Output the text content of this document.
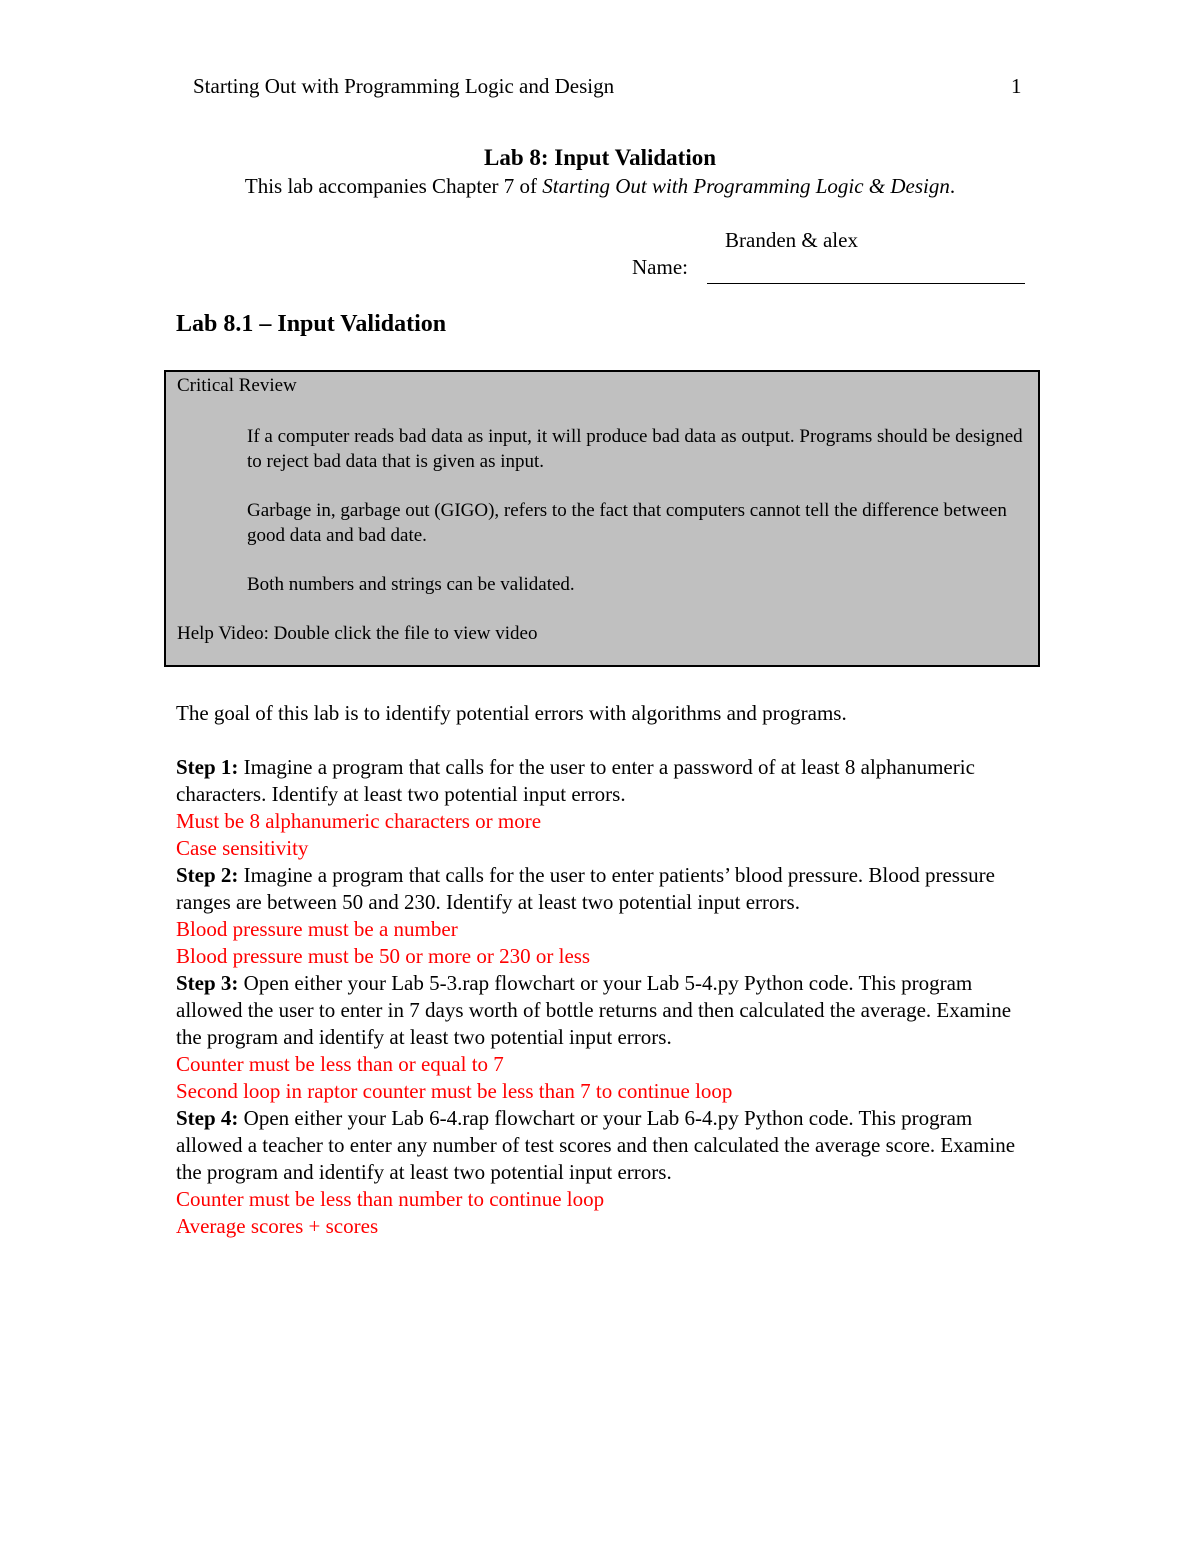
Starting Out with Programming Logic and Design	1
Lab 8: Input Validation
This lab accompanies Chapter 7 of Starting Out with Programming Logic & Design.
Branden & alex
Name:
Lab 8.1 – Input Validation
Critical Review
If a computer reads bad data as input, it will produce bad data as output. Programs should be designed to reject bad data that is given as input.
Garbage in, garbage out (GIGO), refers to the fact that computers cannot tell the difference between good data and bad date.
Both numbers and strings can be validated.
Help Video: Double click the file to view video
The goal of this lab is to identify potential errors with algorithms and programs.

Step 1: Imagine a program that calls for the user to enter a password of at least 8 alphanumeric characters. Identify at least two potential input errors.

Must be 8 alphanumeric characters or more

Case sensitivity

Step 2: Imagine a program that calls for the user to enter patients’ blood pressure. Blood pressure ranges are between 50 and 230. Identify at least two potential input errors.

Blood pressure must be a number

Blood pressure must be 50 or more or 230 or less

Step 3: Open either your Lab 5-3.rap flowchart or your Lab 5-4.py Python code. This program allowed the user to enter in 7 days worth of bottle returns and then calculated the average. Examine the program and identify at least two potential input errors.

Counter must be less than or equal to 7

Second loop in raptor counter must be less than 7 to continue loop

Step 4: Open either your Lab 6-4.rap flowchart or your Lab 6-4.py Python code. This program allowed a teacher to enter any number of test scores and then calculated the average score. Examine the program and identify at least two potential input errors.

Counter must be less than number to continue loop

Average scores + scores
